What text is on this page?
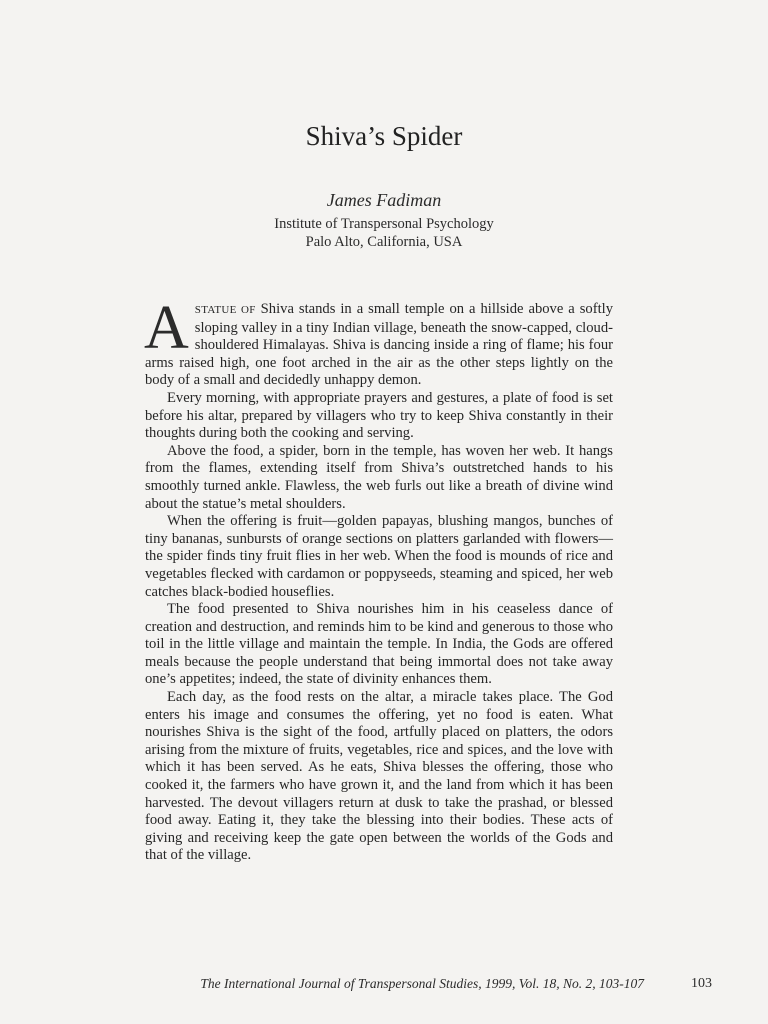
Shiva’s Spider
James Fadiman
Institute of Transpersonal Psychology
Palo Alto, California, USA

ASTATUE OF Shiva stands in a small temple on a hillside above a softly sloping valley in a tiny Indian village, beneath the snow-capped, cloud-shouldered Himalayas. Shiva is dancing inside a ring of flame; his four arms raised high, one foot arched in the air as the other steps lightly on the body of a small and decidedly unhappy demon.

Every morning, with appropriate prayers and gestures, a plate of food is set before his altar, prepared by villagers who try to keep Shiva constantly in their thoughts during both the cooking and serving.

Above the food, a spider, born in the temple, has woven her web. It hangs from the flames, extending itself from Shiva’s outstretched hands to his smoothly turned ankle. Flawless, the web furls out like a breath of divine wind about the statue’s metal shoulders.

When the offering is fruit—golden papayas, blushing mangos, bunches of tiny bananas, sunbursts of orange sections on platters garlanded with flowers—the spider finds tiny fruit flies in her web. When the food is mounds of rice and vegetables flecked with cardamon or poppyseeds, steaming and spiced, her web catches black-bodied houseflies.

The food presented to Shiva nourishes him in his ceaseless dance of creation and destruction, and reminds him to be kind and generous to those who toil in the little village and maintain the temple. In India, the Gods are offered meals because the people understand that being immortal does not take away one’s appetites; indeed, the state of divinity enhances them.

Each day, as the food rests on the altar, a miracle takes place. The God enters his image and consumes the offering, yet no food is eaten. What nourishes Shiva is the sight of the food, artfully placed on platters, the odors arising from the mixture of fruits, vegetables, rice and spices, and the love with which it has been served. As he eats, Shiva blesses the offering, those who cooked it, the farmers who have grown it, and the land from which it has been harvested. The devout villagers return at dusk to take the prashad, or blessed food away. Eating it, they take the blessing into their bodies. These acts of giving and receiving keep the gate open between the worlds of the Gods and that of the village.

The International Journal of Transpersonal Studies, 1999, Vol. 18, No. 2, 103-107	103
